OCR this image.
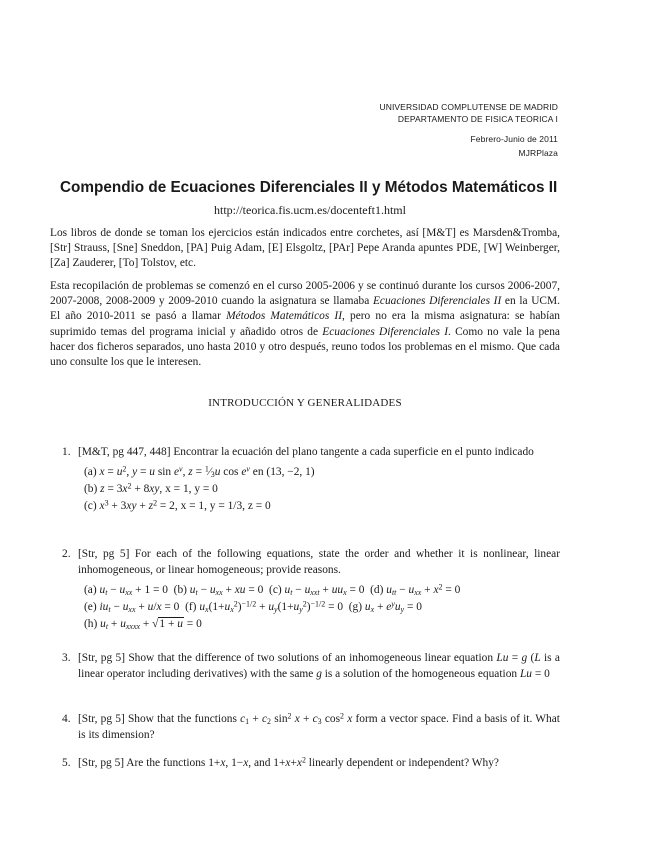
UNIVERSIDAD COMPLUTENSE DE MADRID
DEPARTAMENTO DE FISICA TEORICA I
Febrero-Junio de 2011
MJRPlaza
Compendio de Ecuaciones Diferenciales II y Métodos Matemáticos II
http://teorica.fis.ucm.es/docenteft1.html
Los libros de donde se toman los ejercicios están indicados entre corchetes, así [M&T] es Marsden&Tromba, [Str] Strauss, [Sne] Sneddon, [PA] Puig Adam, [E] Elsgoltz, [PAr] Pepe Aranda apuntes PDE, [W] Weinberger, [Za] Zauderer, [To] Tolstov, etc.
Esta recopilación de problemas se comenzó en el curso 2005-2006 y se continuó durante los cursos 2006-2007, 2007-2008, 2008-2009 y 2009-2010 cuando la asignatura se llamaba Ecuaciones Diferenciales II en la UCM. El año 2010-2011 se pasó a llamar Métodos Matemáticos II, pero no era la misma asignatura: se habían suprimido temas del programa inicial y añadido otros de Ecuaciones Diferenciales I. Como no vale la pena hacer dos ficheros separados, uno hasta 2010 y otro después, reuno todos los problemas en el mismo. Que cada uno consulte los que le interesen.
INTRODUCCIÓN Y GENERALIDADES
1. [M&T, pg 447, 448] Encontrar la ecuación del plano tangente a cada superficie en el punto indicado
(a) $x = u^2$, y = u $\sin e^v$, $z = ^1⁄_3u$ $\cos e^v$ en (13, −2, 1)
(b) $z = 3x^2 + 8xy$, x = 1, y = 0
(c) $x^3 + 3xy + z^2 = 2$, x = 1, y = 1/3, z = 0
2. [Str, pg 5] For each of the following equations, state the order and whether it is nonlinear, linear inhomogeneous, or linear homogeneous; provide reasons.
(a) $u_t - u_{xx} + 1 = 0$  (b) $u_t - u_{xx}$ + xu = 0  (c) $u_t - u_{xxt} + uu_x = 0$  (d) $u_{tt} - u_{xx} + x^2 = 0$
(e) $iu_t - u_{xx} + u/x = 0$  (f) $u_x(1+u_x^2)^{-1/2} + u_y(1+u_y^2)^{-1/2} = 0$  (g) $u_x + e^yu_y = 0$
(h) $u_t + u_{xxxx} + √1 + u = 0$
3. [Str, pg 5] Show that the difference of two solutions of an inhomogeneous linear equation Lu = g (L is a linear operator including derivatives) with the same g is a solution of the homogeneous equation Lu = 0
4. [Str, pg 5] Show that the functions $c_1 + c_2$ $\sin^2 x + c_3$ $\cos^2 x$ form a vector space. Find a basis of it. What is its dimension?
5. [Str, pg 5] Are the functions 1+x, 1−x, and $1+x+x^2$ linearly dependent or independent? Why?
